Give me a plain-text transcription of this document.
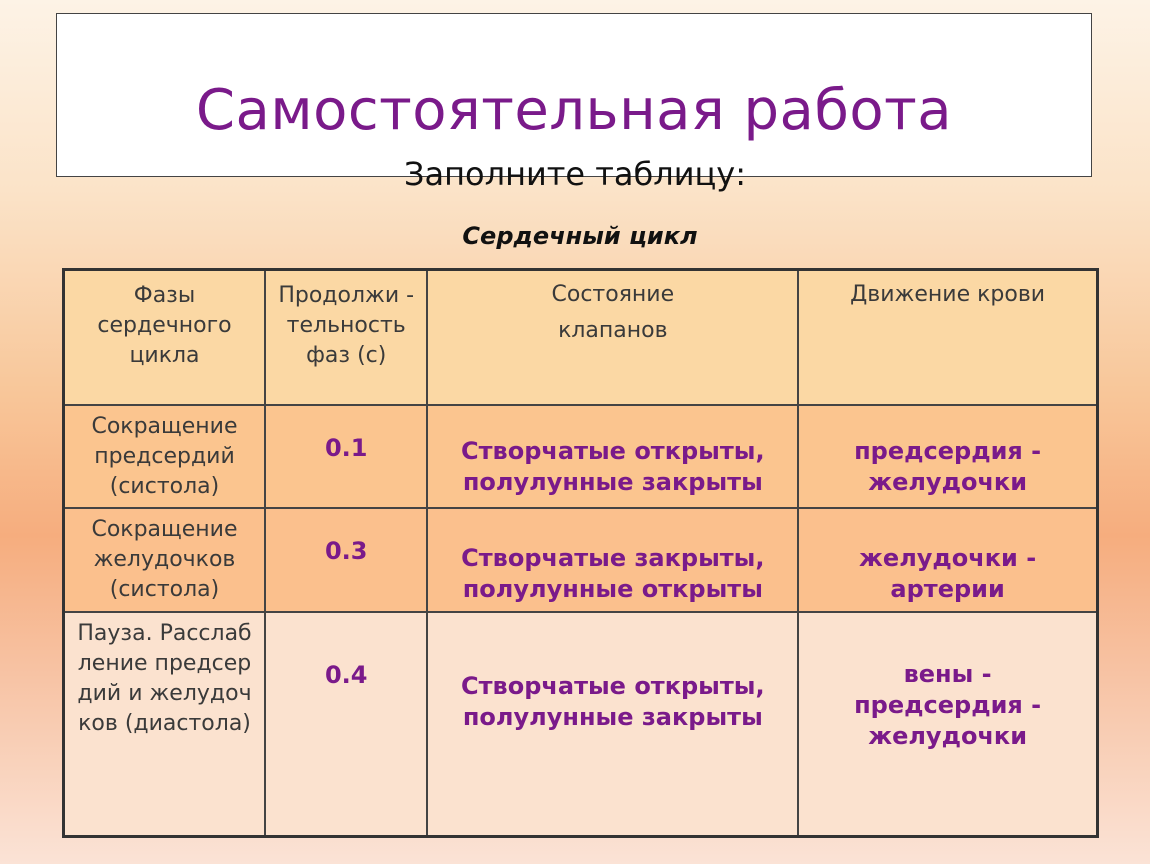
Самостоятельная работа
Заполните таблицу:
Сердечный цикл
Фазы сердечного цикла	Продолжи - тельность фаз (с)	Состояние клапанов	Движение крови

Сокращение предсердий (систола)	0.1	Створчатые открыты, полулунные закрыты	предсердия - желудочки

Сокращение желудочков (систола)	0.3	Створчатые закрыты, полулунные открыты	желудочки - артерии

Пауза. Расслабление предсердий и желудочков (диастола)	0.4	Створчатые открыты, полулунные закрыты	вены - предсердия - желудочки
